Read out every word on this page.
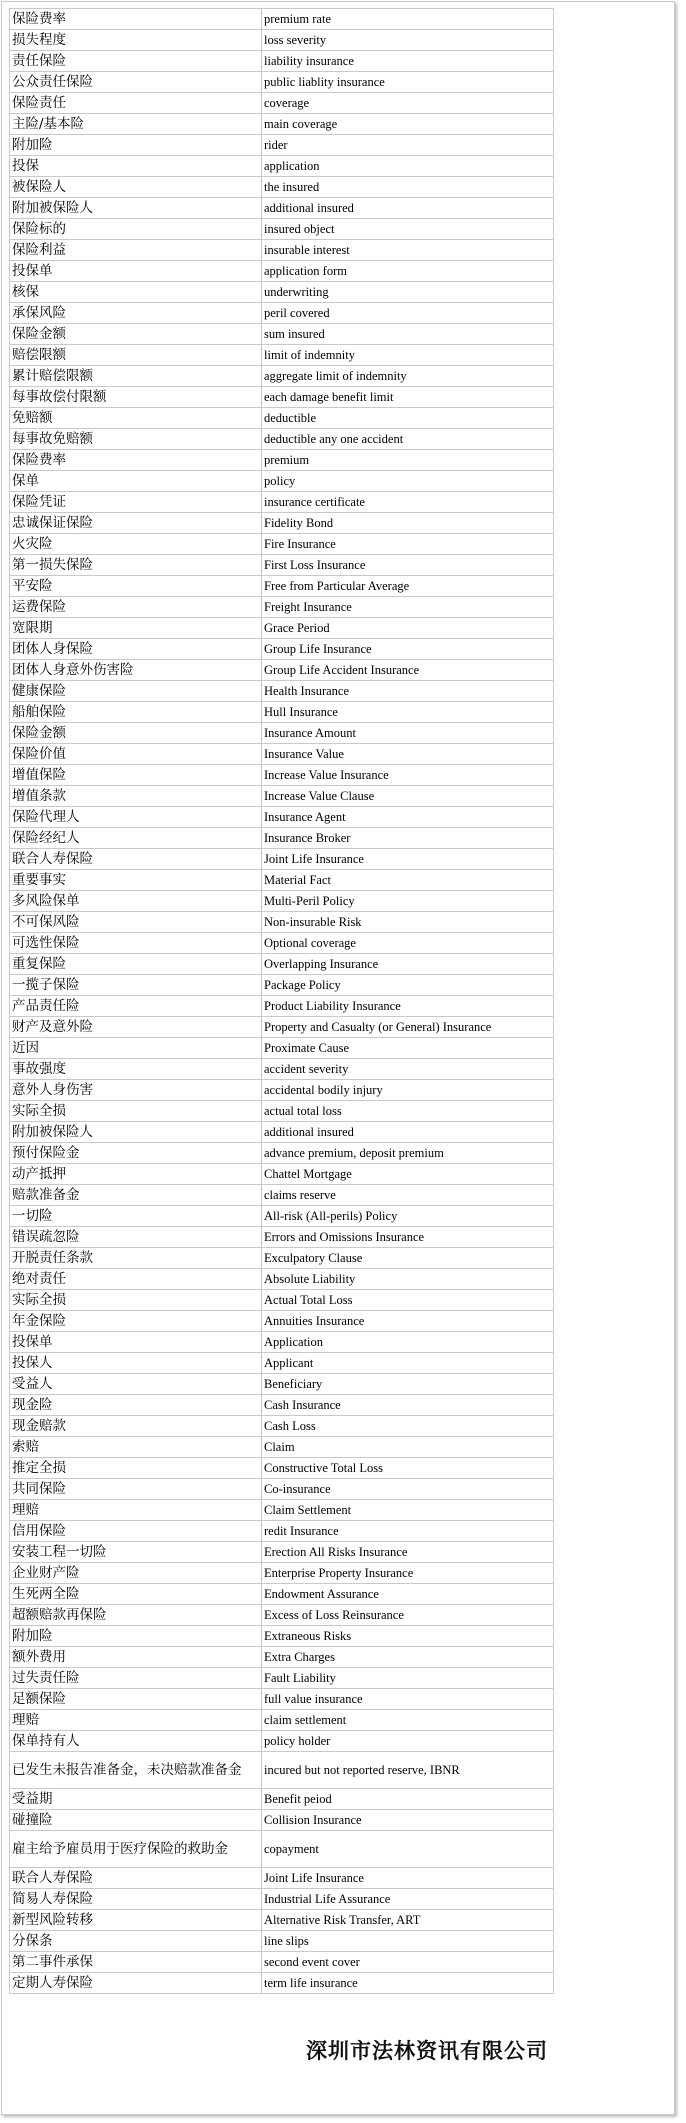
保险费率	premium rate
损失程度	loss severity
责任保险	liability insurance
公众责任保险	public liablity insurance
保险责任	coverage
主险/基本险	main coverage
附加险	rider
投保	application
被保险人	the insured
附加被保险人	additional insured
保险标的	insured object
保险利益	insurable interest
投保单	application form
核保	underwriting
承保风险	peril covered
保险金额	sum insured
赔偿限额	limit of indemnity
累计赔偿限额	aggregate limit of indemnity
每事故偿付限额	each damage benefit limit
免赔额	deductible
每事故免赔额	deductible any one accident
保险费率	premium
保单	policy
保险凭证	insurance certificate
忠诚保证保险	Fidelity Bond
火灾险	Fire Insurance
第一损失保险	First Loss Insurance
平安险	Free from Particular Average
运费保险	Freight Insurance
宽限期	Grace Period
团体人身保险	Group Life Insurance
团体人身意外伤害险	Group Life Accident Insurance
健康保险	Health Insurance
船舶保险	Hull Insurance
保险金额	Insurance Amount
保险价值	Insurance Value
增值保险	Increase Value Insurance
增值条款	Increase Value Clause
保险代理人	Insurance Agent
保险经纪人	Insurance Broker
联合人寿保险	Joint Life Insurance
重要事实	Material Fact
多风险保单	Multi-Peril Policy
不可保风险	Non-insurable Risk
可选性保险	Optional coverage
重复保险	Overlapping Insurance
一揽子保险	Package Policy
产品责任险	Product Liability Insurance
财产及意外险	Property and Casualty (or General) Insurance
近因	Proximate Cause
事故强度	accident severity
意外人身伤害	accidental bodily injury
实际全损	actual total loss
附加被保险人	additional insured
预付保险金	advance premium, deposit premium
动产抵押	Chattel Mortgage
赔款准备金	claims reserve
一切险	All-risk (All-perils) Policy
错误疏忽险	Errors and Omissions Insurance
开脱责任条款	Exculpatory Clause
绝对责任	Absolute Liability
实际全损	Actual Total Loss
年金保险	Annuities Insurance
投保单	Application
投保人	Applicant
受益人	Beneficiary
现金险	Cash Insurance
现金赔款	Cash Loss
索赔	Claim
推定全损	Constructive Total Loss
共同保险	Co-insurance
理赔	Claim Settlement
信用保险	redit Insurance
安装工程一切险	Erection All Risks Insurance
企业财产险	Enterprise Property Insurance
生死两全险	Endowment Assurance
超额赔款再保险	Excess of Loss Reinsurance
附加险	Extraneous Risks
额外费用	Extra Charges
过失责任险	Fault Liability
足额保险	full value insurance
理赔	claim settlement
保单持有人	policy holder
已发生未报告准备金，未决赔款准备金	incured but not reported reserve, IBNR
受益期	Benefit peiod
碰撞险	Collision Insurance
雇主给予雇员用于医疗保险的救助金	copayment
联合人寿保险	Joint Life Insurance
简易人寿保险	Industrial Life Assurance
新型风险转移	Alternative Risk Transfer, ART
分保条	line slips
第二事件承保	second event cover
定期人寿保险	term life insurance
深圳市法林资讯有限公司
